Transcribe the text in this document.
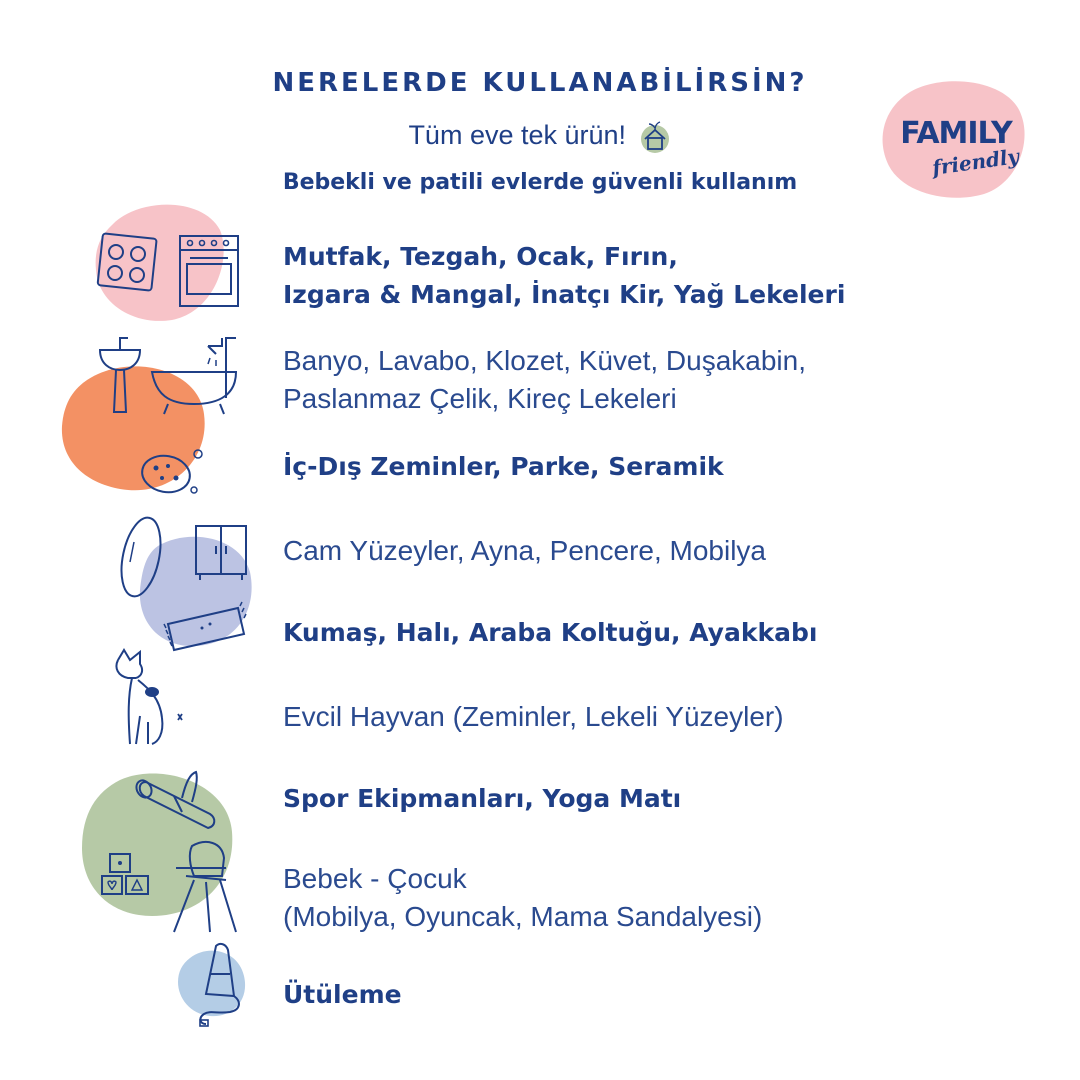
NERELERDE KULLANABİLİRSİN?
Tüm eve tek ürün!
Bebekli ve patili evlerde güvenli kullanım
FAMILY
friendly
Mutfak, Tezgah, Ocak, Fırın,
Izgara & Mangal, İnatçı Kir, Yağ Lekeleri
Banyo, Lavabo, Klozet, Küvet, Duşakabin,
Paslanmaz Çelik, Kireç Lekeleri
İç-Dış Zeminler, Parke, Seramik
Cam Yüzeyler, Ayna, Pencere, Mobilya
Kumaş, Halı, Araba Koltuğu, Ayakkabı
Evcil Hayvan (Zeminler, Lekeli Yüzeyler)
Spor Ekipmanları, Yoga Matı
Bebek - Çocuk
(Mobilya, Oyuncak, Mama Sandalyesi)
Ütüleme
